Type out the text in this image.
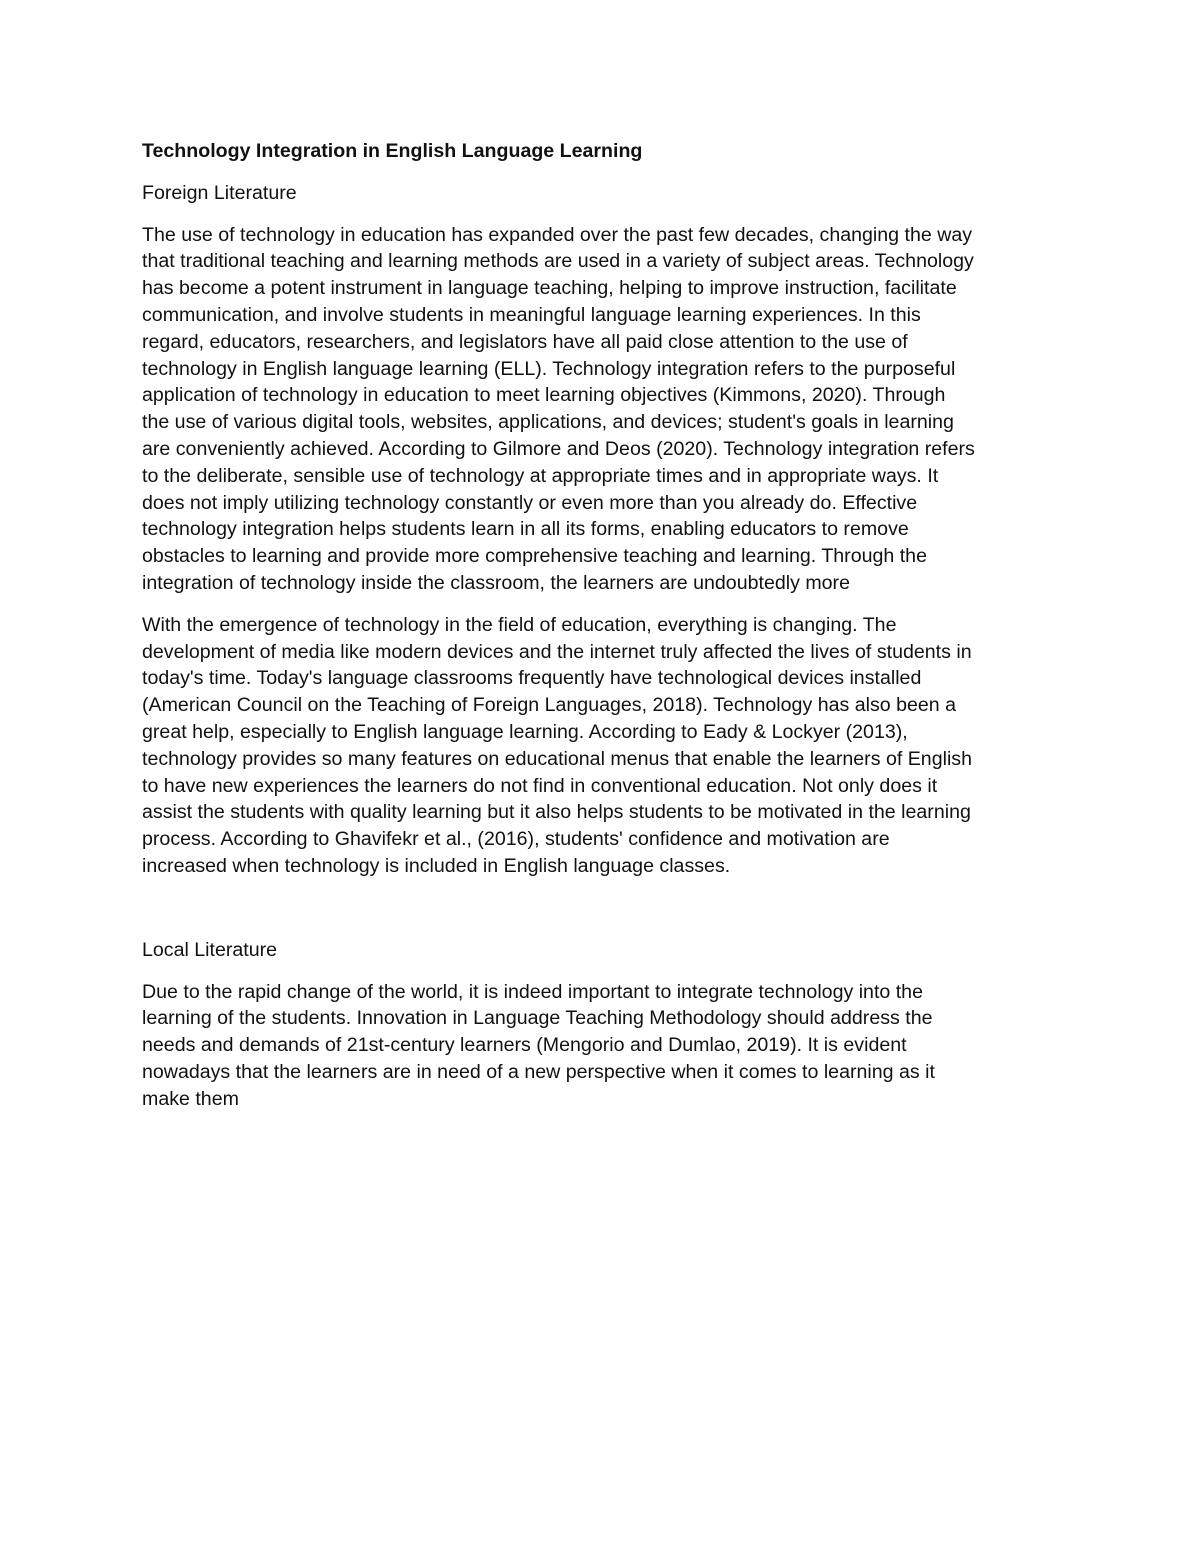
Technology Integration in English Language Learning
Foreign Literature
The use of technology in education has expanded over the past few decades, changing the way
that traditional teaching and learning methods are used in a variety of subject areas. Technology
has become a potent instrument in language teaching, helping to improve instruction, facilitate
communication, and involve students in meaningful language learning experiences. In this
regard, educators, researchers, and legislators have all paid close attention to the use of
technology in English language learning (ELL). Technology integration refers to the purposeful
application of technology in education to meet learning objectives (Kimmons, 2020). Through
the use of various digital tools, websites, applications, and devices; student's goals in learning
are conveniently achieved. According to Gilmore and Deos (2020). Technology integration refers
to the deliberate, sensible use of technology at appropriate times and in appropriate ways. It
does not imply utilizing technology constantly or even more than you already do. Effective
technology integration helps students learn in all its forms, enabling educators to remove
obstacles to learning and provide more comprehensive teaching and learning. Through the
integration of technology inside the classroom, the learners are undoubtedly more
With the emergence of technology in the field of education, everything is changing. The
development of media like modern devices and the internet truly affected the lives of students in
today's time. Today's language classrooms frequently have technological devices installed
(American Council on the Teaching of Foreign Languages, 2018). Technology has also been a
great help, especially to English language learning. According to Eady & Lockyer (2013),
technology provides so many features on educational menus that enable the learners of English
to have new experiences the learners do not find in conventional education. Not only does it
assist the students with quality learning but it also helps students to be motivated in the learning
process. According to Ghavifekr et al., (2016), students' confidence and motivation are
increased when technology is included in English language classes.
Local Literature
Due to the rapid change of the world, it is indeed important to integrate technology into the
learning of the students. Innovation in Language Teaching Methodology should address the
needs and demands of 21st-century learners (Mengorio and Dumlao, 2019). It is evident
nowadays that the learners are in need of a new perspective when it comes to learning as it
make them
